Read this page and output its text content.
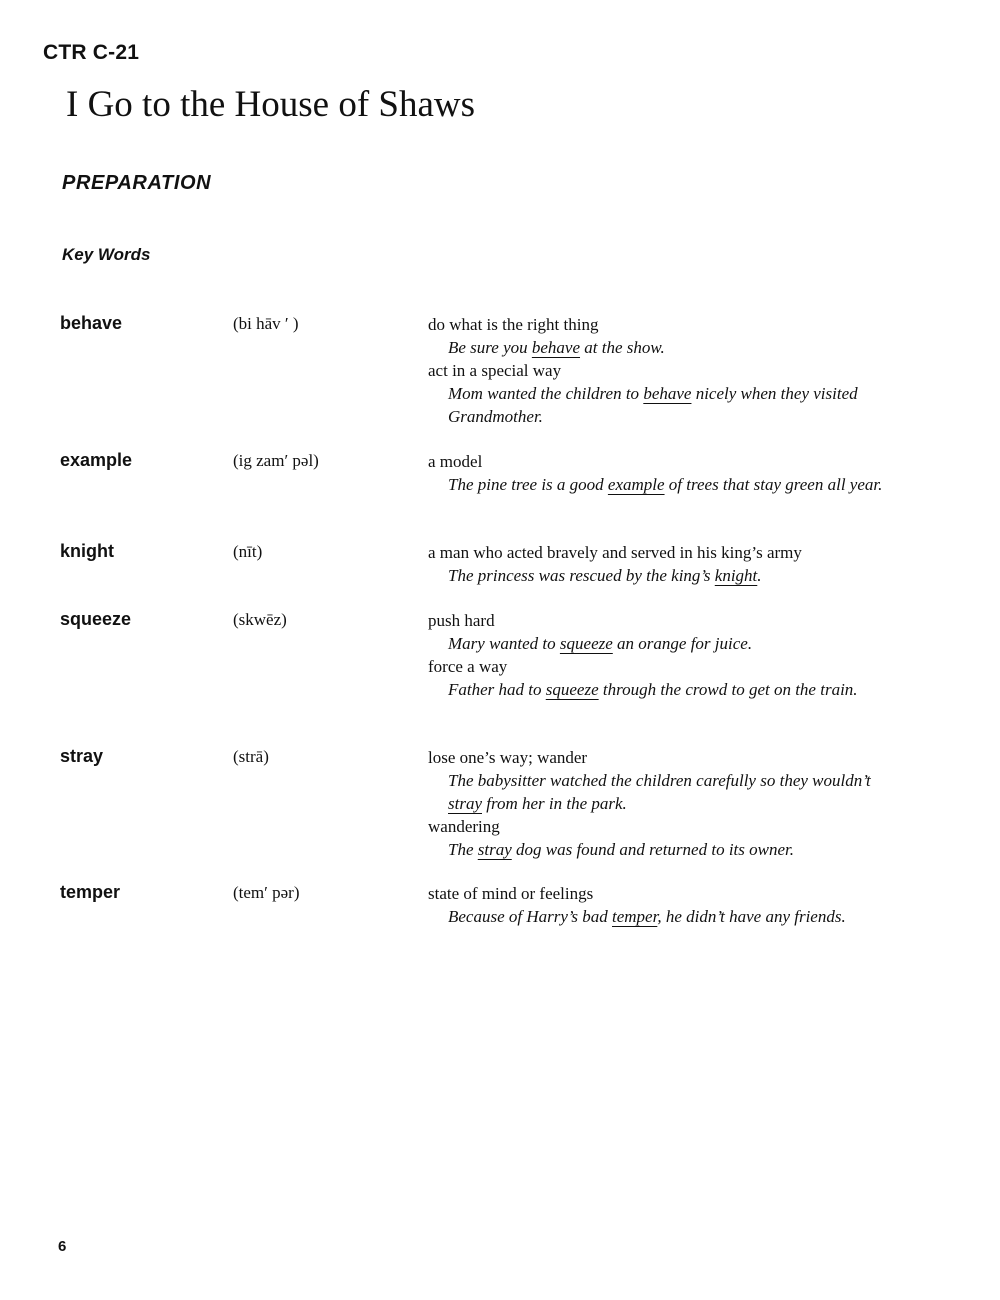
CTR C-21
I Go to the House of Shaws
PREPARATION
Key Words
behave	(bi hāv ′ )	do what is the right thing
Be sure you behave at the show.
act in a special way
Mom wanted the children to behave nicely when they visited Grandmother.
example	(ig zam′ pəl)	a model
The pine tree is a good example of trees that stay green all year.
knight	(nīt)	a man who acted bravely and served in his king’s army
The princess was rescued by the king’s knight.
squeeze	(skwēz)	push hard
Mary wanted to squeeze an orange for juice.
force a way
Father had to squeeze through the crowd to get on the train.
stray	(strā)	lose one’s way; wander
The babysitter watched the children carefully so they wouldn’t stray from her in the park.
wandering
The stray dog was found and returned to its owner.
temper	(tem′ pər)	state of mind or feelings
Because of Harry’s bad temper, he didn’t have any friends.
6
